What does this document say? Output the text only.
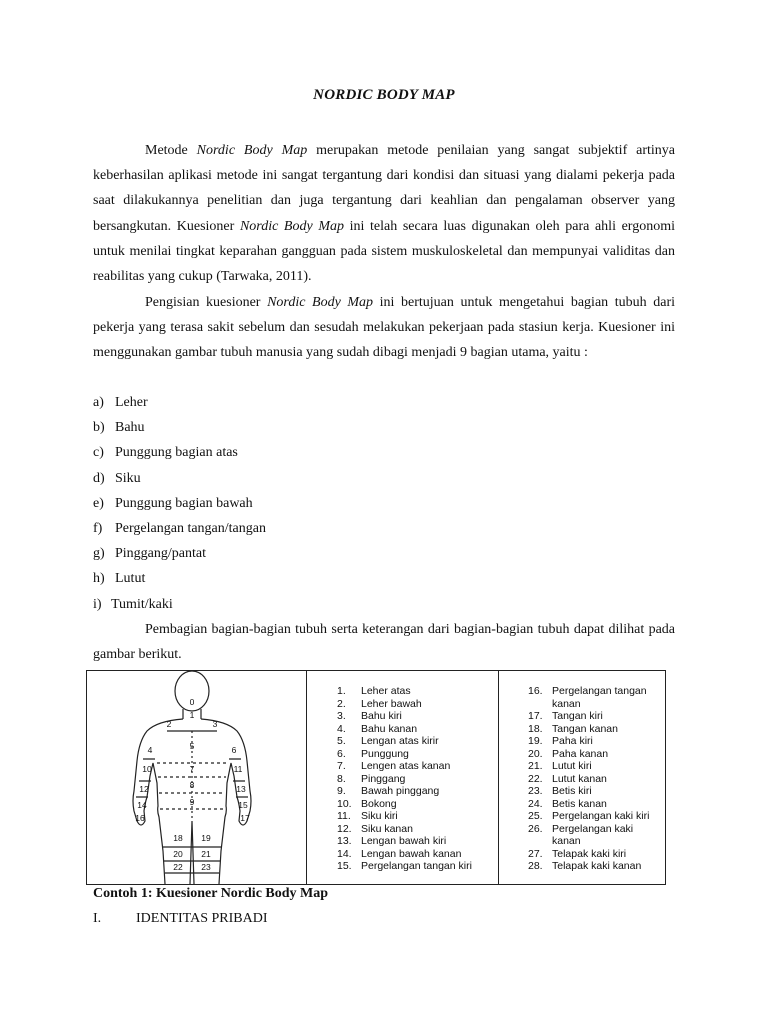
NORDIC BODY MAP

Metode Nordic Body Map merupakan metode penilaian yang sangat subjektif artinya keberhasilan aplikasi metode ini sangat tergantung dari kondisi dan situasi yang dialami pekerja pada saat dilakukannya penelitian dan juga tergantung dari keahlian dan pengalaman observer yang bersangkutan. Kuesioner Nordic Body Map ini telah secara luas digunakan oleh para ahli ergonomi untuk menilai tingkat keparahan gangguan pada sistem muskuloskeletal dan mempunyai validitas dan reabilitas yang cukup (Tarwaka, 2011).

Pengisian kuesioner Nordic Body Map ini bertujuan untuk mengetahui bagian tubuh dari pekerja yang terasa sakit sebelum dan sesudah melakukan pekerjaan pada stasiun kerja. Kuesioner ini menggunakan gambar tubuh manusia yang sudah dibagi menjadi 9 bagian utama, yaitu :

a) Leher
b) Bahu
c) Punggung bagian atas
d) Siku
e) Punggung bagian bawah
f) Pergelangan tangan/tangan
g) Pinggang/pantat
h) Lutut
i) Tumit/kaki

Pembagian bagian-bagian tubuh serta keterangan dari bagian-bagian tubuh dapat dilihat pada gambar berikut.

0
1
2	3
4	5	6
7
8
9
10	11
12	13
14	15
16	17
18 19
20 21
22 23
1.	Leher atas
2.	Leher bawah
3.	Bahu kiri
4.	Bahu kanan
5.	Lengan atas kirir
6.	Punggung
7.	Lengen atas kanan
8.	Pinggang
9.	Bawah pinggang
10. Bokong
11. Siku kiri
12. Siku kanan
13. Lengan bawah kiri
14. Lengan bawah kanan
15. Pergelangan tangan kiri
16. Pergelangan tangan kanan
17. Tangan kiri
18. Tangan kanan
19. Paha kiri
20. Paha kanan
21. Lutut kiri
22. Lutut kanan
23. Betis kiri
24. Betis kanan
25. Pergelangan kaki kiri
26. Pergelangan kaki kanan
27. Telapak kaki kiri
28. Telapak kaki kanan
Contoh 1: Kuesioner Nordic Body Map
I. IDENTITAS PRIBADI
